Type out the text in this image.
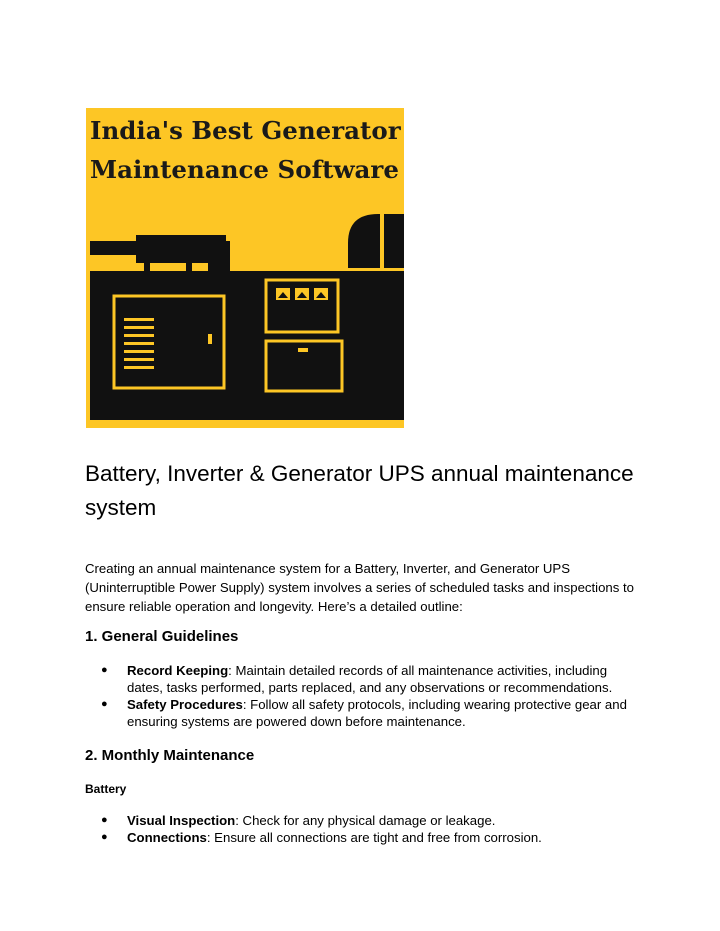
India's Best Generator
Maintenance Software
Battery, Inverter & Generator UPS annual maintenance system
Creating an annual maintenance system for a Battery, Inverter, and Generator UPS (Uninterruptible Power Supply) system involves a series of scheduled tasks and inspections to ensure reliable operation and longevity. Here’s a detailed outline:
1. General Guidelines
● Record Keeping: Maintain detailed records of all maintenance activities, including dates, tasks performed, parts replaced, and any observations or recommendations.
● Safety Procedures: Follow all safety protocols, including wearing protective gear and ensuring systems are powered down before maintenance.
2. Monthly Maintenance
Battery
● Visual Inspection: Check for any physical damage or leakage.
● Connections: Ensure all connections are tight and free from corrosion.
